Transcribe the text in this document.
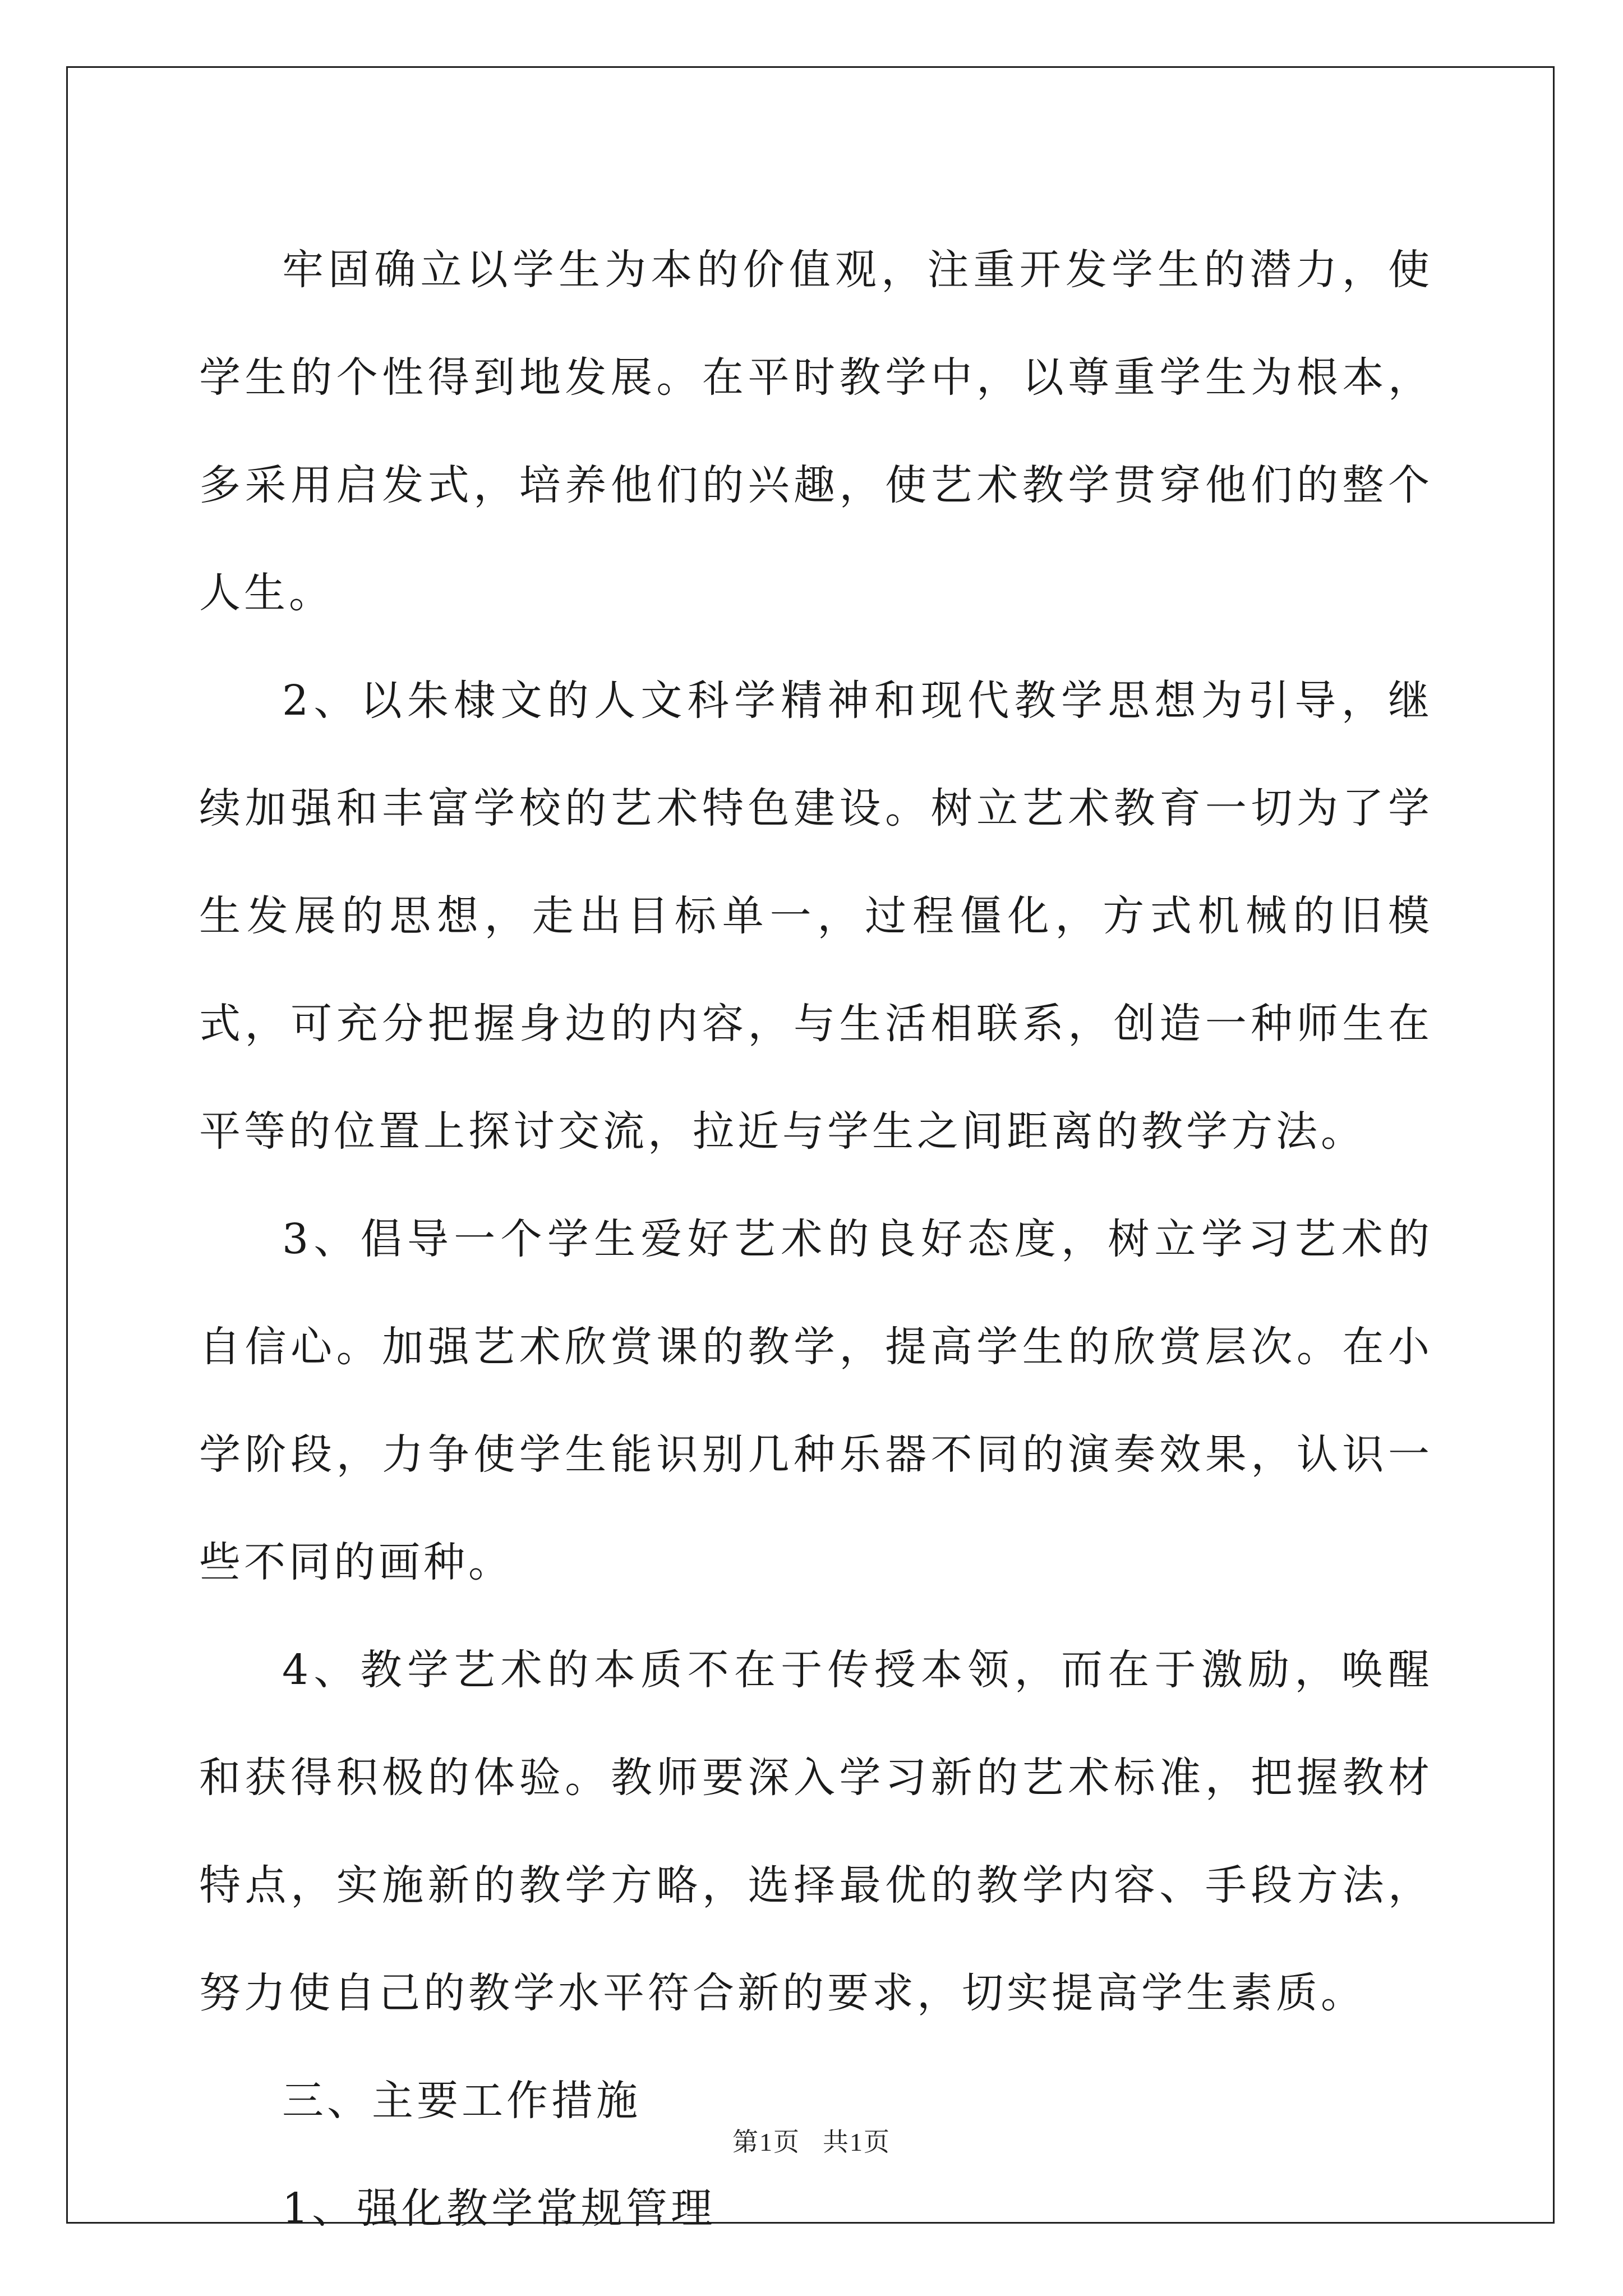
牢固确立以学生为本的价值观，注重开发学生的潜力，使学生的个性得到地发展。在平时教学中，以尊重学生为根本，多采用启发式，培养他们的兴趣，使艺术教学贯穿他们的整个人生。

2、以朱棣文的人文科学精神和现代教学思想为引导，继续加强和丰富学校的艺术特色建设。树立艺术教育一切为了学生发展的思想，走出目标单一，过程僵化，方式机械的旧模式，可充分把握身边的内容，与生活相联系，创造一种师生在平等的位置上探讨交流，拉近与学生之间距离的教学方法。

3、倡导一个学生爱好艺术的良好态度，树立学习艺术的自信心。加强艺术欣赏课的教学，提高学生的欣赏层次。在小学阶段，力争使学生能识别几种乐器不同的演奏效果，认识一些不同的画种。

4、教学艺术的本质不在于传授本领，而在于激励，唤醒和获得积极的体验。教师要深入学习新的艺术标准，把握教材特点，实施新的教学方略，选择最优的教学内容、手段方法，努力使自己的教学水平符合新的要求，切实提高学生素质。

三、主要工作措施

1、强化教学常规管理

第1页 共1页
